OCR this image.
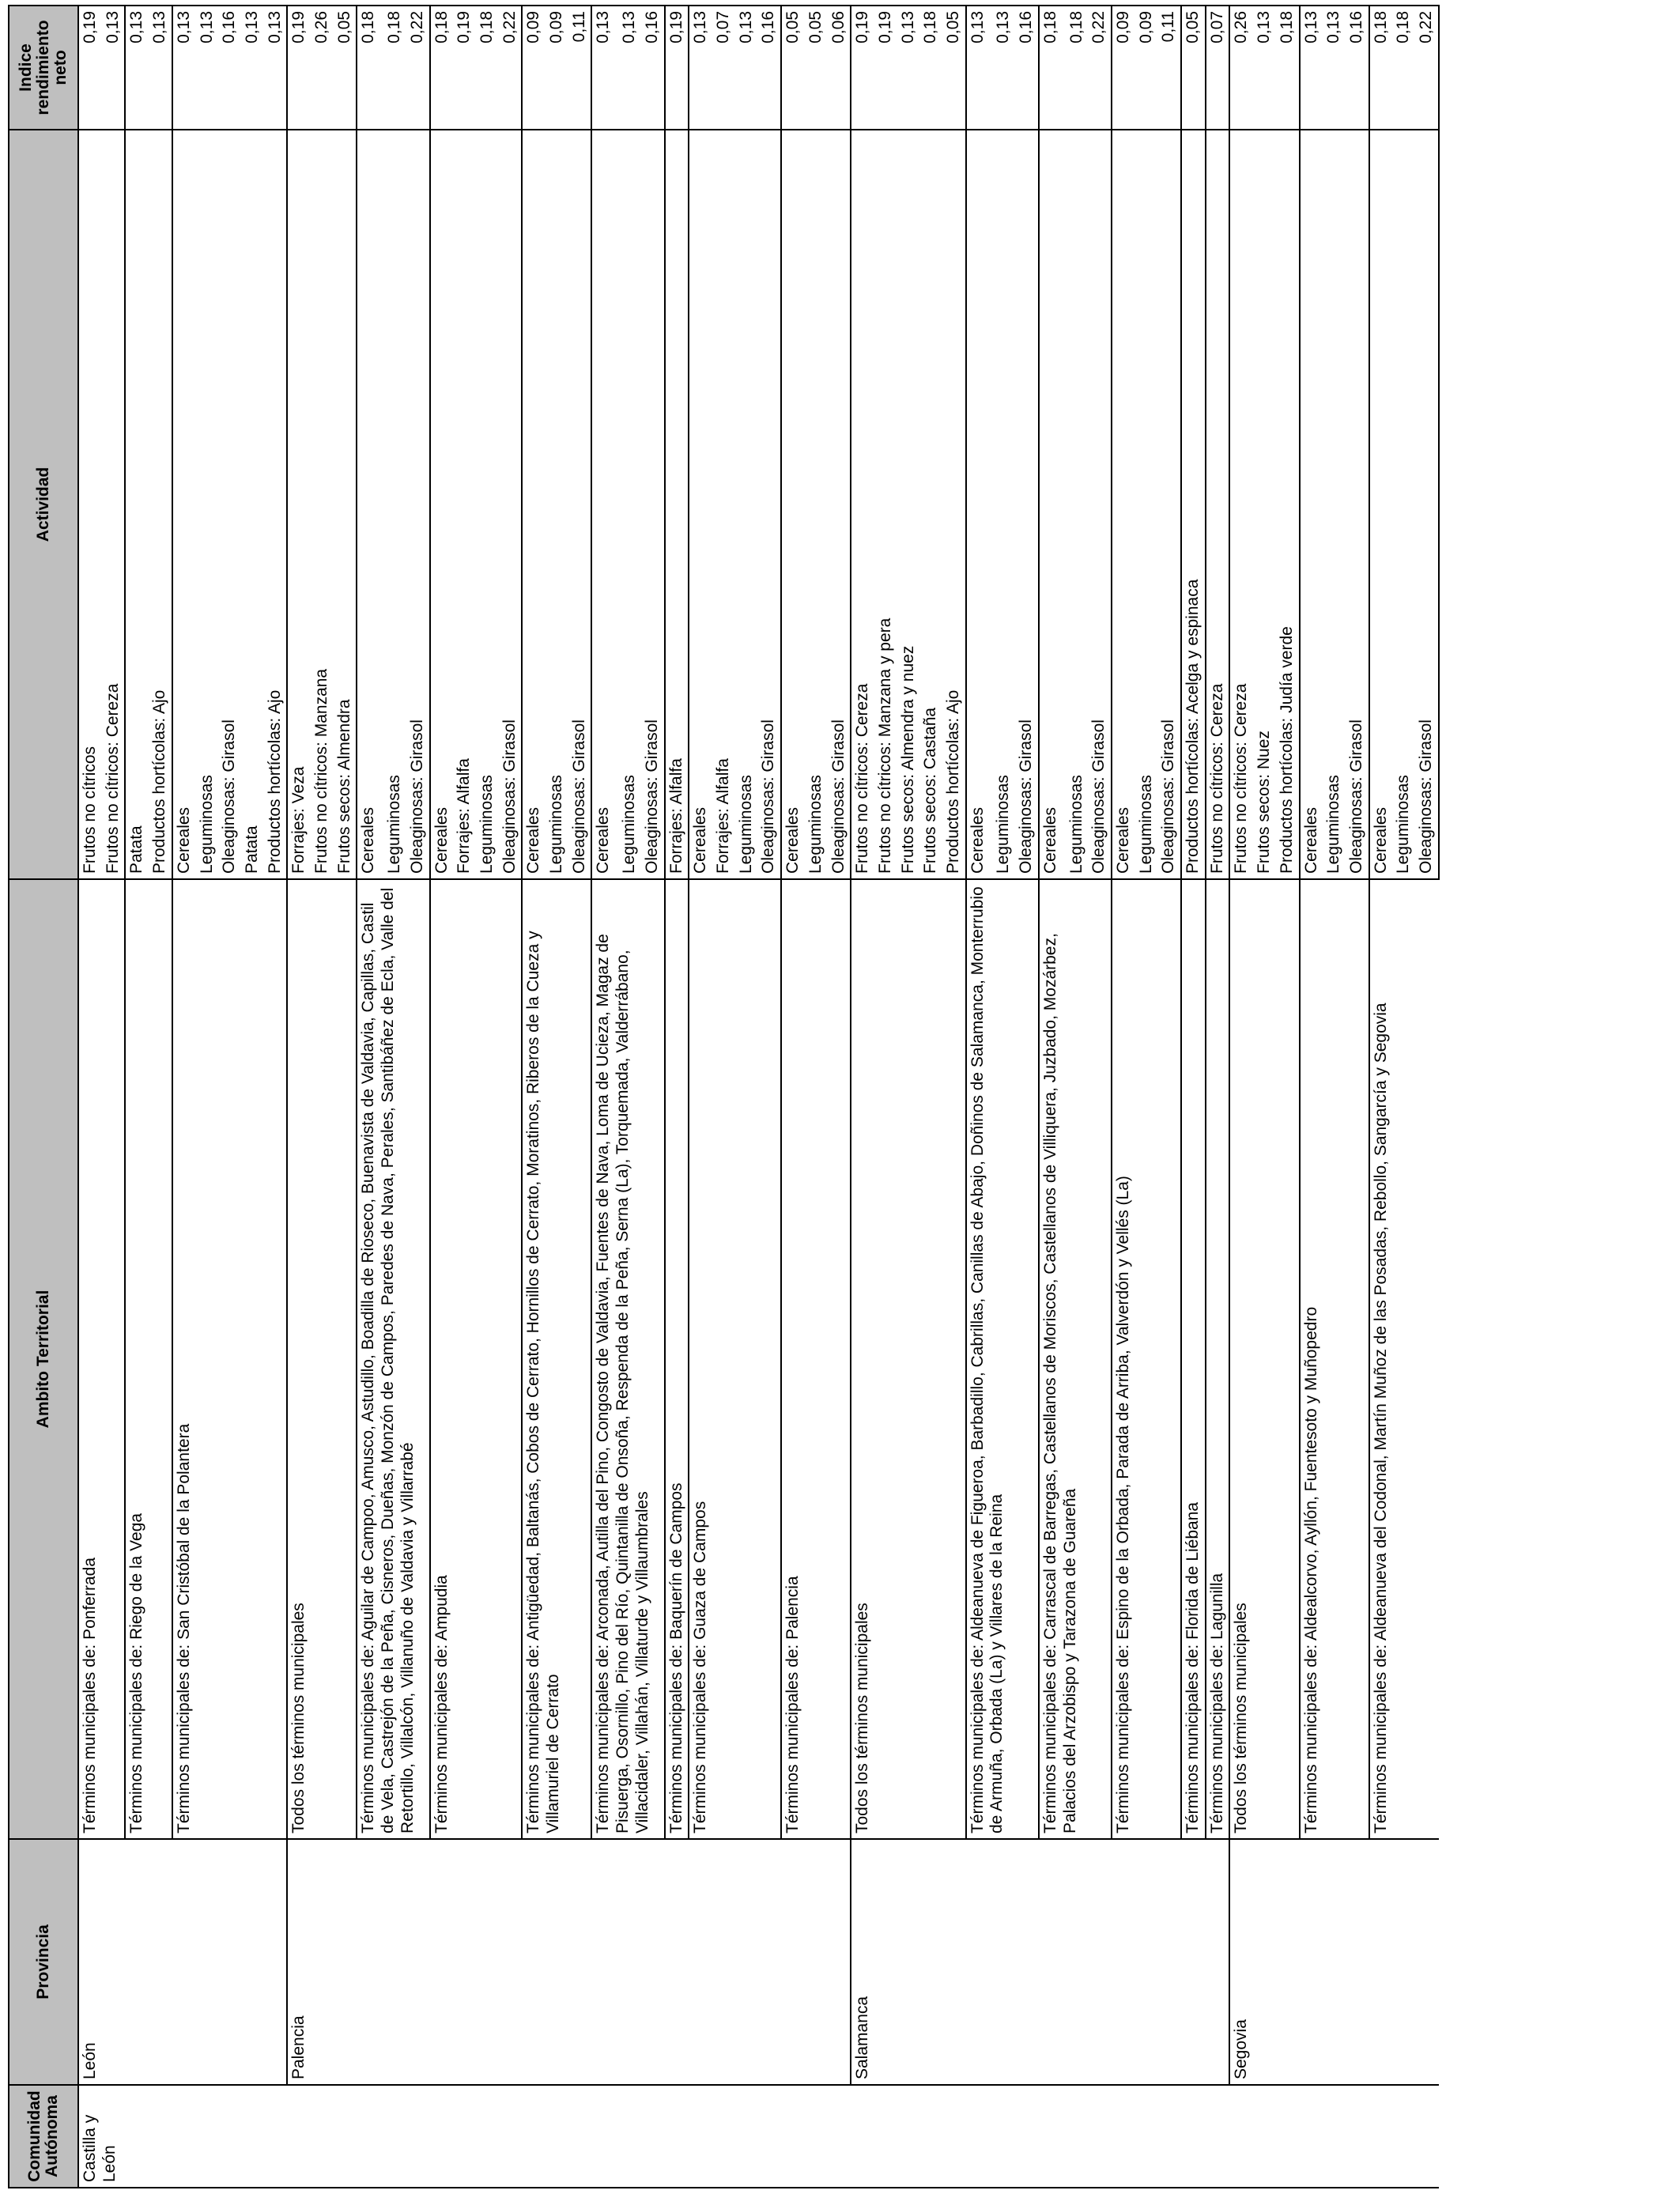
Comunidad Autónoma	Provincia	Ambito Territorial	Actividad	Indice rendimiento neto
Castilla y León	León	Términos municipales de: Ponferrada	Frutos no cítricos	0,19
			Frutos no cítricos: Cereza	0,13
		Términos municipales de: Riego de la Vega	Patata	0,13
			Productos hortícolas: Ajo	0,13
		Términos municipales de: San Cristóbal de la Polantera	Cereales	0,13
			Leguminosas	0,13
			Oleaginosas: Girasol	0,16
			Patata	0,13
			Productos hortícolas: Ajo	0,13
	Palencia	Todos los términos municipales	Forrajes: Veza	0,19
			Frutos no cítricos: Manzana	0,26
			Frutos secos: Almendra	0,05
		Términos municipales de: Aguilar de Campoo, Amusco, Astudillo, Boadilla de Rioseco, Buenavista de Valdavia, Capillas, Castil de Vela, Castrejón de la Peña, Cisneros, Dueñas, Monzón de Campos, Paredes de Nava, Perales, Santibáñez de Ecla, Valle del Retortillo, Villalcón, Villanuño de Valdavia y Villarrabé	Cereales	0,18

			Leguminosas	0,18
			Oleaginosas: Girasol	0,22
		Términos municipales de: Ampudia	Cereales	0,18
			Forrajes: Alfalfa	0,19
			Leguminosas	0,18
			Oleaginosas: Girasol	0,22
		Términos municipales de: Antigüedad, Baltanás, Cobos de Cerrato, Hornillos de Cerrato, Moratinos, Riberos de la Cueza y Villamuriel de Cerrato	Cereales	0,09
			Leguminosas	0,09
			Oleaginosas: Girasol	0,11
		Términos municipales de: Arconada, Autilla del Pino, Congosto de Valdavia, Fuentes de Nava, Loma de Ucieza, Magaz de Pisuerga, Osornillo, Pino del Río, Quintanilla de Onsoña, Respenda de la Peña, Serna (La), Torquemada, Valderrábano, Villacidaler, Villahán, Villaturde y Villaumbrales	Cereales	0,13

			Leguminosas	0,13
			Oleaginosas: Girasol	0,16
		Términos municipales de: Baquerín de Campos	Forrajes: Alfalfa	0,19
		Términos municipales de: Guaza de Campos	Cereales	0,13
			Forrajes: Alfalfa	0,07
			Leguminosas	0,13
			Oleaginosas: Girasol	0,16
		Términos municipales de: Palencia	Cereales	0,05
			Leguminosas	0,05
			Oleaginosas: Girasol	0,06
	Salamanca	Todos los términos municipales	Frutos no cítricos: Cereza	0,19
			Frutos no cítricos: Manzana y pera	0,19
			Frutos secos: Almendra y nuez	0,13
			Frutos secos: Castaña	0,18
			Productos hortícolas: Ajo	0,05
		Términos municipales de: Aldeanueva de Figueroa, Barbadillo, Cabrillas, Canillas de Abajo, Doñinos de Salamanca, Monterrubio de Armuña, Orbada (La) y Villares de la Reina	Cereales	0,13

			Leguminosas	0,13
			Oleaginosas: Girasol	0,16
		Términos municipales de: Carrascal de Barregas, Castellanos de Moriscos, Castellanos de Villiquera, Juzbado, Mozárbez, Palacios del Arzobispo y Tarazona de Guareña	Cereales	0,18

			Leguminosas	0,18
			Oleaginosas: Girasol	0,22
		Términos municipales de: Espino de la Orbada, Parada de Arriba, Valverdón y Vellés (La)	Cereales	0,09
			Leguminosas	0,09
			Oleaginosas: Girasol	0,11
		Términos municipales de: Florida de Liébana	Productos hortícolas: Acelga y espinaca	0,05
		Términos municipales de: Lagunilla	Frutos no cítricos: Cereza	0,07
	Segovia	Todos los términos municipales	Frutos no cítricos: Cereza	0,26
			Frutos secos: Nuez	0,13
			Productos hortícolas: Judía verde	0,18
		Términos municipales de: Aldealcorvo, Ayllón, Fuentesoto y Muñopedro	Cereales	0,13
			Leguminosas	0,13
			Oleaginosas: Girasol	0,16
		Términos municipales de: Aldeanueva del Codonal, Martín Muñoz de las Posadas, Rebollo, Sangarcía y Segovia	Cereales	0,18
			Leguminosas	0,18
			Oleaginosas: Girasol	0,22
